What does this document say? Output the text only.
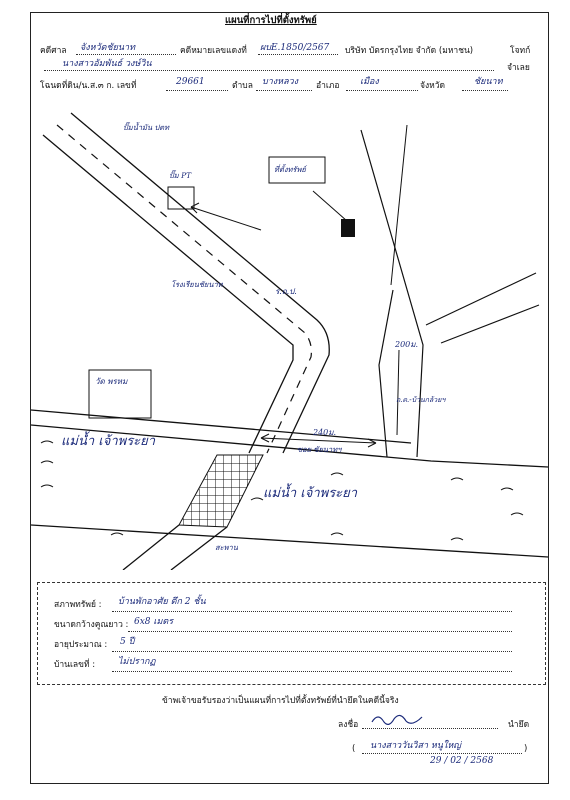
แผนที่การไปที่ตั้งทรัพย์
คดีศาล จังหวัดชัยนาท	คดีหมายเลขแดงที่ ผบE.1850/2567 บริษัท บัตรกรุงไทย จำกัด (มหาชน)	โจทก์
นางสาวอัมพันธ์ วงษ์วิน	จำเลย
โฉนดที่ดิน/น.ส.๓ ก. เลขที่	29661	ตำบล บางหลวง อำเภอ เมือง	จังหวัด	ชัยนาท
ปั๊มน้ำมัน ปตท
ปั๊ม PT
ที่ตั้งทรัพย์
โรงเรียนชัยนาท
ร.ถ.ป.
200ม.
วัด พรหม
240ม.
ซอย ชัยนาทฯ
ถ.ต.-บ้านกล้วยฯ
แม่น้ำ เจ้าพระยา
แม่น้ำ เจ้าพระยา
สะพาน
สภาพทรัพย์ : บ้านพักอาศัย ตึก 2 ชั้น
ขนาดกว้างคูณยาว : 6x8 เมตร
อายุประมาณ : 5 ปี
บ้านเลขที่ :	ไม่ปรากฏ
ข้าพเจ้าขอรับรองว่าเป็นแผนที่การไปที่ตั้งทรัพย์ที่นำยึดในคดีนี้จริง
ลงชื่อ	นำยึด
( นางสาววันวิสา หนูใหญ่	)
29 / 02 / 2568
